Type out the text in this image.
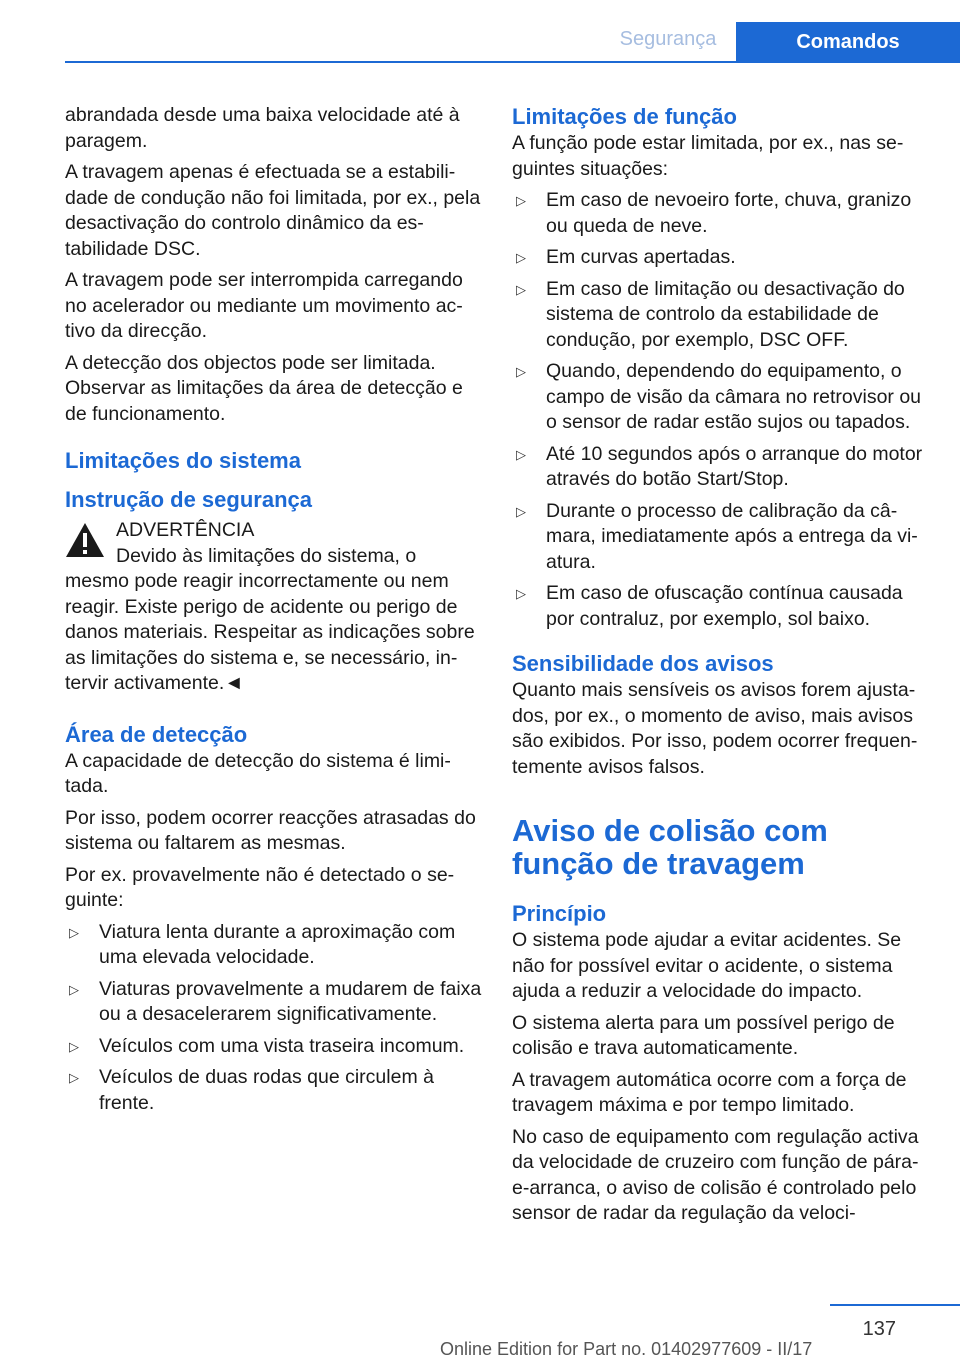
Segurança	Comandos

abrandada desde uma baixa velocidade até à paragem.

A travagem apenas é efectuada se a estabilidade de condução não foi limitada, por ex., pela desactivação do controlo dinâmico da estabilidade DSC.

A travagem pode ser interrompida carregando no acelerador ou mediante um movimento activo da direcção.

A detecção dos objectos pode ser limitada. Observar as limitações da área de detecção e de funcionamento.

Limitações do sistema
Instrução de segurança
ADVERTÊNCIA
Devido às limitações do sistema, o mesmo pode reagir incorrectamente ou nem reagir. Existe perigo de acidente ou perigo de danos materiais. Respeitar as indicações sobre as limitações do sistema e, se necessário, intervir activamente.◄
Área de detecção

A capacidade de detecção do sistema é limitada.

Por isso, podem ocorrer reacções atrasadas do sistema ou faltarem as mesmas.

Por ex. provavelmente não é detectado o seguinte:

▷ Viatura lenta durante a aproximação com uma elevada velocidade.
▷ Viaturas provavelmente a mudarem de faixa ou a desacelerarem significativamente.
▷ Veículos com uma vista traseira incomum.
▷ Veículos de duas rodas que circulem à frente.
Limitações de função

A função pode estar limitada, por ex., nas seguintes situações:

▷ Em caso de nevoeiro forte, chuva, granizo ou queda de neve.
▷ Em curvas apertadas.
▷ Em caso de limitação ou desactivação do sistema de controlo da estabilidade de condução, por exemplo, DSC OFF.
▷ Quando, dependendo do equipamento, o campo de visão da câmara no retrovisor ou o sensor de radar estão sujos ou tapados.
▷ Até 10 segundos após o arranque do motor através do botão Start/Stop.
▷ Durante o processo de calibração da câmara, imediatamente após a entrega da viatura.
▷ Em caso de ofuscação contínua causada por contraluz, por exemplo, sol baixo.
Sensibilidade dos avisos

Quanto mais sensíveis os avisos forem ajustados, por ex., o momento de aviso, mais avisos são exibidos. Por isso, podem ocorrer frequentemente avisos falsos.

Aviso de colisão com função de travagem
Princípio

O sistema pode ajudar a evitar acidentes. Se não for possível evitar o acidente, o sistema ajuda a reduzir a velocidade do impacto.

O sistema alerta para um possível perigo de colisão e trava automaticamente.

A travagem automática ocorre com a força de travagem máxima e por tempo limitado.

No caso de equipamento com regulação activa da velocidade de cruzeiro com função de pára-e-arranca, o aviso de colisão é controlado pelo sensor de radar da regulação da veloci-

137
Online Edition for Part no. 01402977609 - II/17
